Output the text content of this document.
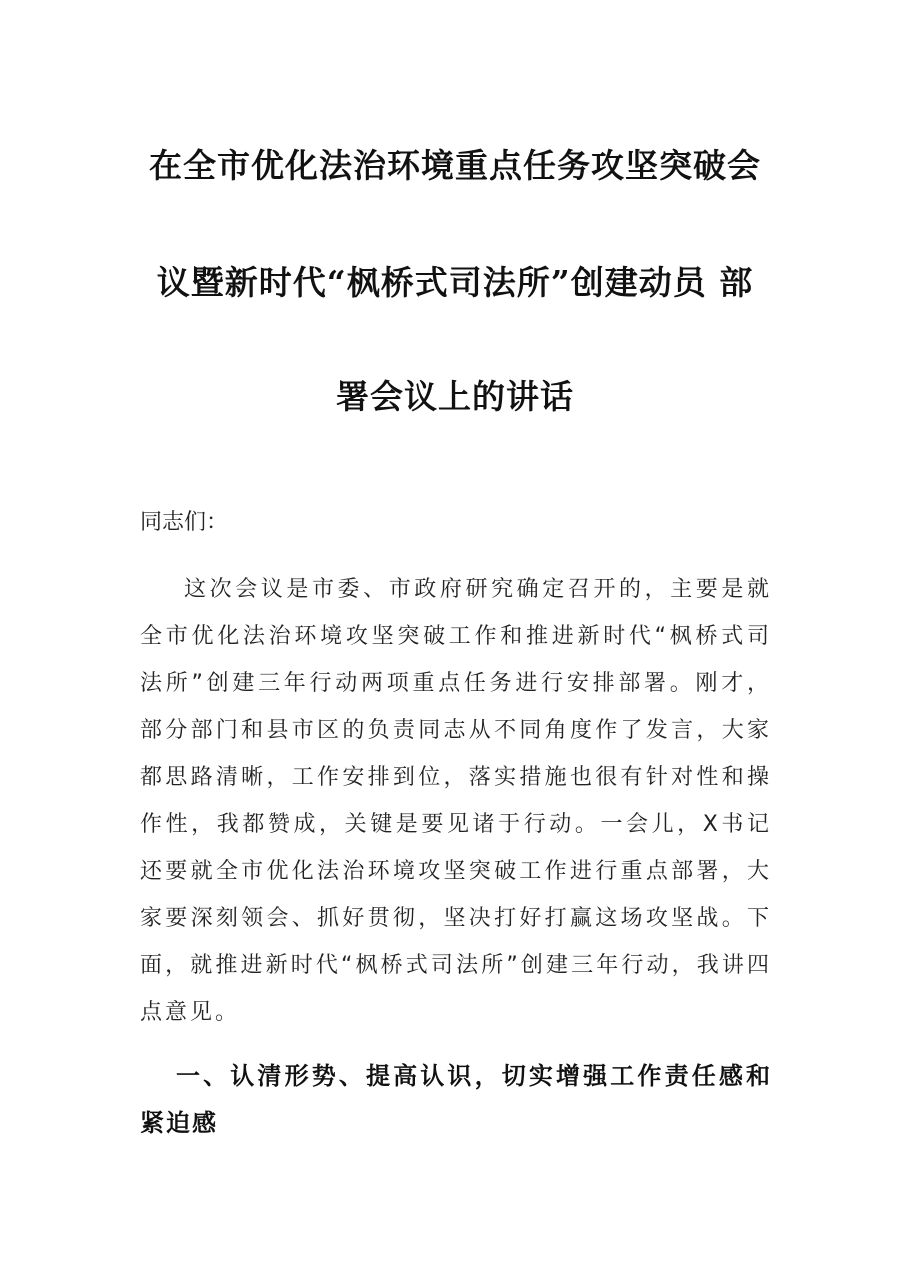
在全市优化法治环境重点任务攻坚突破会
议暨新时代“枫桥式司法所”创建动员 部
署会议上的讲话
同志们：

这次会议是市委、市政府研究确定召开的，主要是就全市优化法治环境攻坚突破工作和推进新时代“枫桥式司法所”创建三年行动两项重点任务进行安排部署。刚才，部分部门和县市区的负责同志从不同角度作了发言，大家都思路清晰，工作安排到位，落实措施也很有针对性和操作性，我都赞成，关键是要见诸于行动。一会儿，X书记还要就全市优化法治环境攻坚突破工作进行重点部署，大家要深刻领会、抓好贯彻，坚决打好打赢这场攻坚战。下面，就推进新时代“枫桥式司法所”创建三年行动，我讲四点意见。

一、认清形势、提高认识，切实增强工作责任感和紧迫感
